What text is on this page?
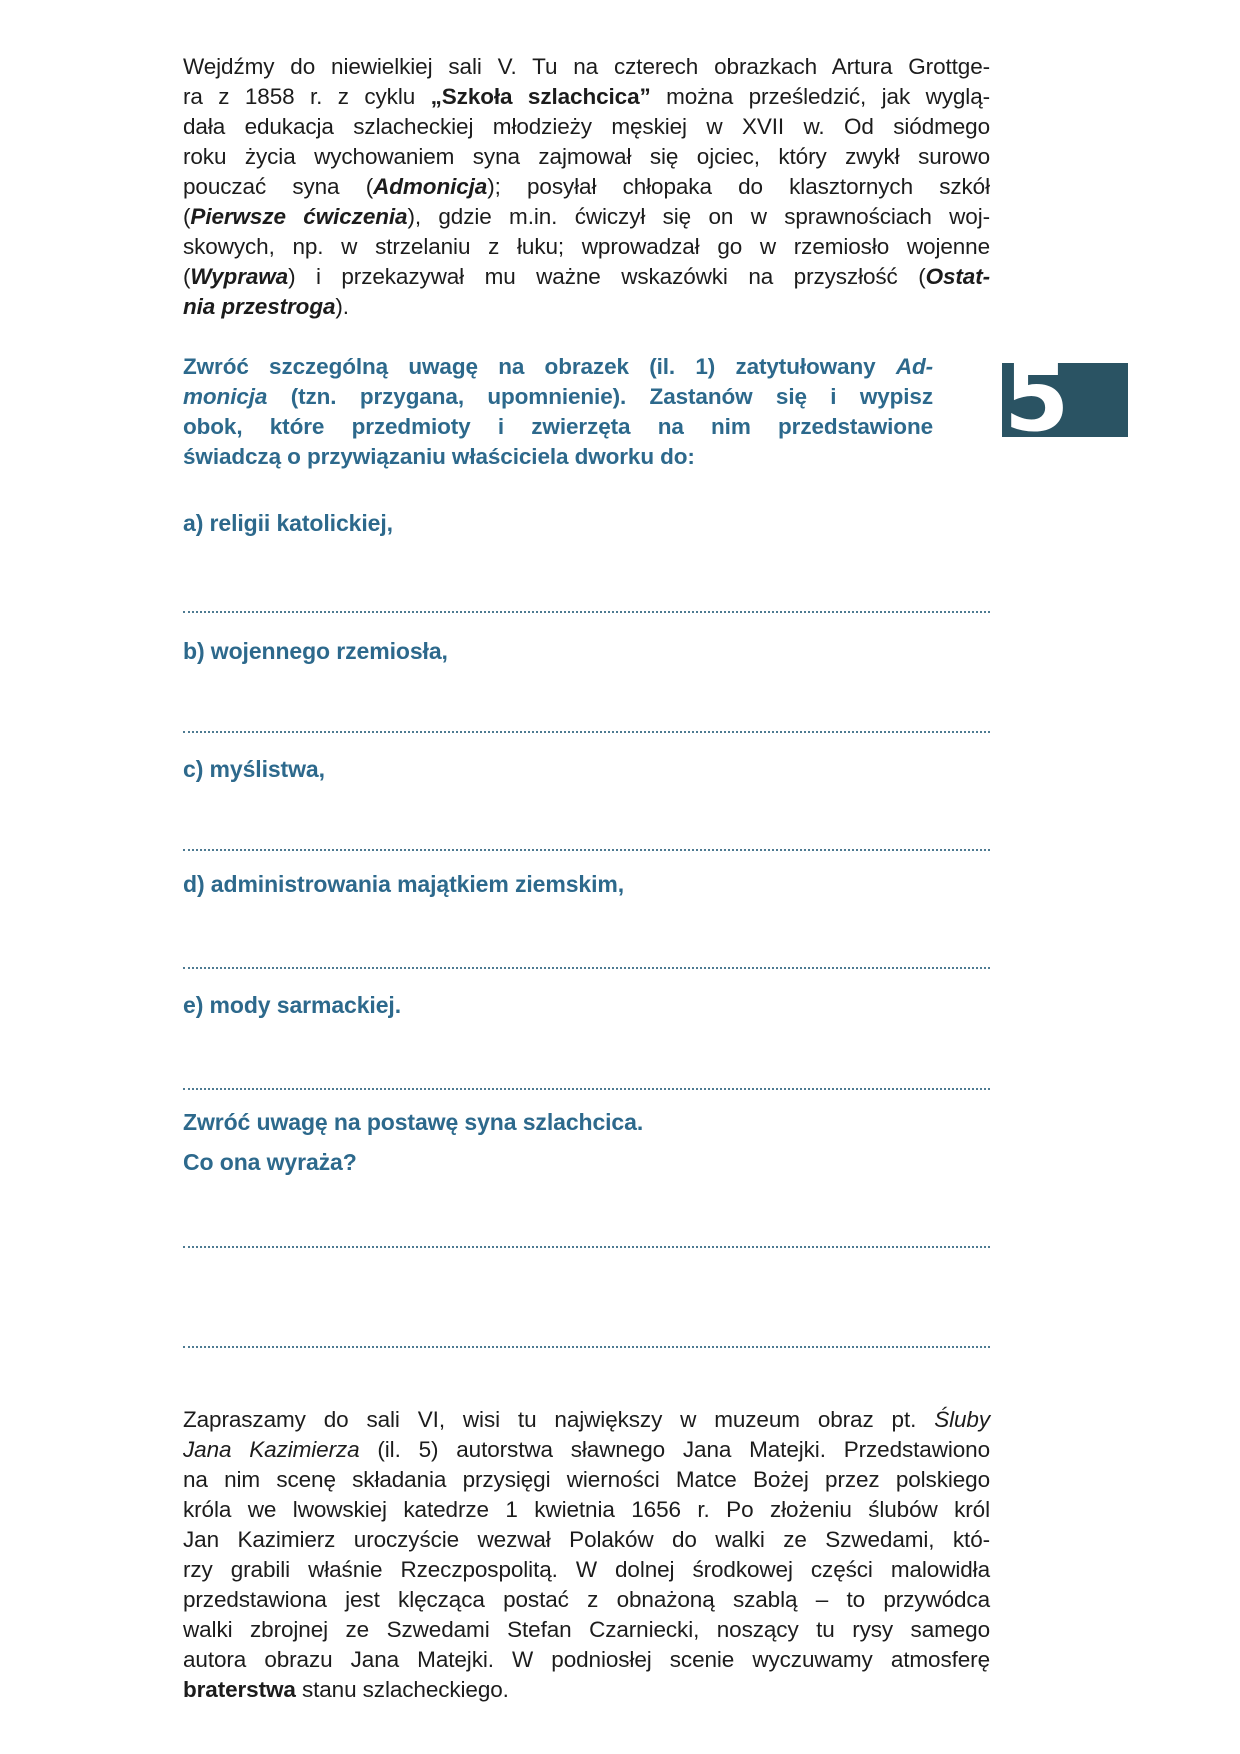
Wejdźmy do niewielkiej sali V. Tu na czterech obrazkach Artura Grottge-
ra z 1858 r. z cyklu „Szkoła szlachcica” można prześledzić, jak wyglą-
dała edukacja szlacheckiej młodzieży męskiej w XVII w. Od siódmego
roku życia wychowaniem syna zajmował się ojciec, który zwykł surowo
pouczać syna (Admonicja); posyłał chłopaka do klasztornych szkół
(Pierwsze ćwiczenia), gdzie m.in. ćwiczył się on w sprawnościach woj-
skowych, np. w strzelaniu z łuku; wprowadzał go w rzemiosło wojenne
(Wyprawa) i przekazywał mu ważne wskazówki na przyszłość (Ostat-
nia przestroga).
Zwróć szczególną uwagę na obrazek (il. 1) zatytułowany Ad-
monicja (tzn. przygana, upomnienie). Zastanów się i wypisz
obok, które przedmioty i zwierzęta na nim przedstawione
świadczą o przywiązaniu właściciela dworku do:
5
a) religii katolickiej,
b) wojennego rzemiosła,
c) myślistwa,
d) administrowania majątkiem ziemskim,
e) mody sarmackiej.
Zwróć uwagę na postawę syna szlachcica.
Co ona wyraża?
Zapraszamy do sali VI, wisi tu największy w muzeum obraz pt. Śluby
Jana Kazimierza (il. 5) autorstwa sławnego Jana Matejki. Przedstawiono
na nim scenę składania przysięgi wierności Matce Bożej przez polskiego
króla we lwowskiej katedrze 1 kwietnia 1656 r. Po złożeniu ślubów król
Jan Kazimierz uroczyście wezwał Polaków do walki ze Szwedami, któ-
rzy grabili właśnie Rzeczpospolitą. W dolnej środkowej części malowidła
przedstawiona jest klęcząca postać z obnażoną szablą – to przywódca
walki zbrojnej ze Szwedami Stefan Czarniecki, noszący tu rysy samego
autora obrazu Jana Matejki. W podniosłej scenie wyczuwamy atmosferę
braterstwa stanu szlacheckiego.
